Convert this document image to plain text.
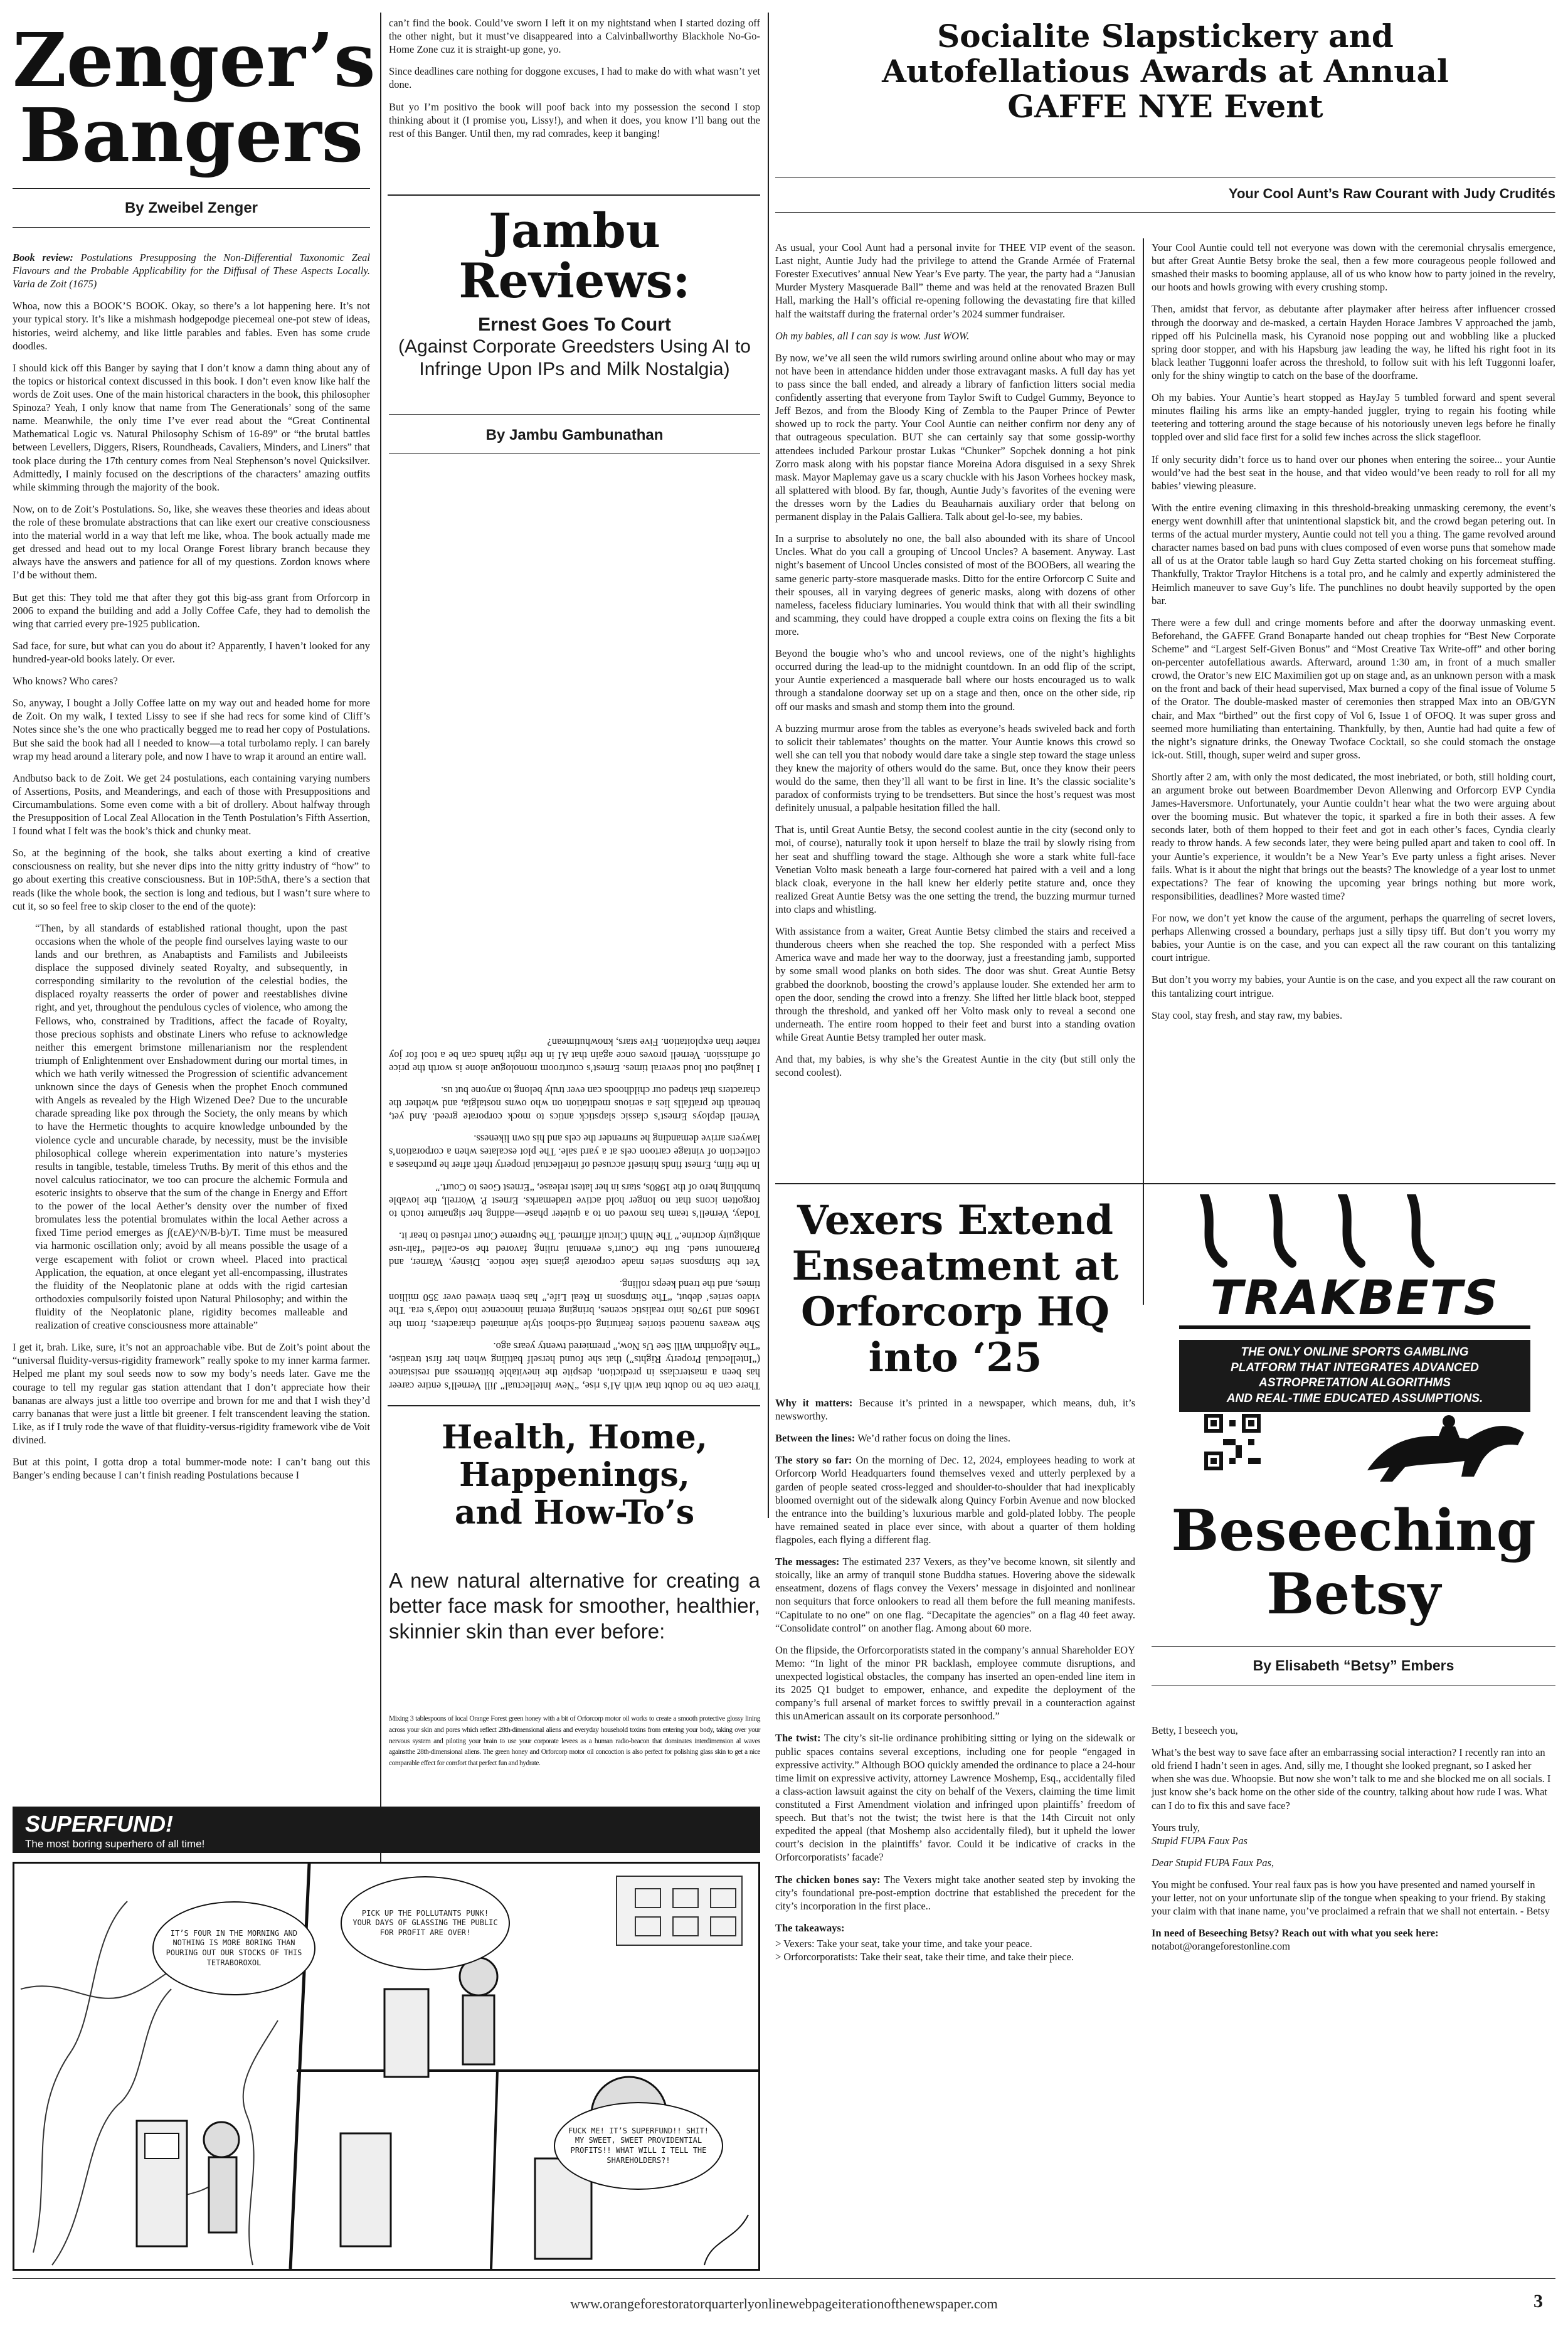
Zenger’s
Bangers
By Zweibel Zenger

Book review: Postulations Presupposing the Non-Differential Taxonomic Zeal Flavours and the Probable Applicability for the Diffusal of These Aspects Locally. Varia de Zoit (1675)

Whoa, now this a BOOK’S BOOK. Okay, so there’s a lot happening here. It’s not your typical story. It’s like a mishmash hodgepodge piecemeal one-pot stew of ideas, histories, weird alchemy, and like little parables and fables. Even has some crude doodles.

I should kick off this Banger by saying that I don’t know a damn thing about any of the topics or historical context discussed in this book. I don’t even know like half the words de Zoit uses. One of the main historical characters in the book, this philosopher Spinoza? Yeah, I only know that name from The Generationals’ song of the same name. Meanwhile, the only time I’ve ever read about the “Great Continental Mathematical Logic vs. Natural Philosophy Schism of 16-89” or “the brutal battles between Levellers, Diggers, Risers, Roundheads, Cavaliers, Minders, and Liners” that took place during the 17th century comes from Neal Stephenson’s novel Quicksilver. Admittedly, I mainly focused on the descriptions of the characters’ amazing outfits while skimming through the majority of the book.

Now, on to de Zoit’s Postulations. So, like, she weaves these theories and ideas about the role of these bromulate abstractions that can like exert our creative consciousness into the material world in a way that left me like, whoa. The book actually made me get dressed and head out to my local Orange Forest library branch because they always have the answers and patience for all of my questions. Zordon knows where I’d be without them.

But get this: They told me that after they got this big-ass grant from Orforcorp in 2006 to expand the building and add a Jolly Coffee Cafe, they had to demolish the wing that carried every pre-1925 publication.

Sad face, for sure, but what can you do about it? Apparently, I haven’t looked for any hundred-year-old books lately. Or ever.

Who knows? Who cares?

So, anyway, I bought a Jolly Coffee latte on my way out and headed home for more de Zoit. On my walk, I texted Lissy to see if she had recs for some kind of Cliff’s Notes since she’s the one who practically begged me to read her copy of Postulations. But she said the book had all I needed to know—a total turbolamo reply. I can barely wrap my head around a literary pole, and now I have to wrap it around an entire wall.

Andbutso back to de Zoit. We get 24 postulations, each containing varying numbers of Assertions, Posits, and Meanderings, and each of those with Presuppositions and Circumambulations. Some even come with a bit of drollery. About halfway through the Presupposition of Local Zeal Allocation in the Tenth Postulation’s Fifth Assertion, I found what I felt was the book’s thick and chunky meat.

So, at the beginning of the book, she talks about exerting a kind of creative consciousness on reality, but she never dips into the nitty gritty industry of “how” to go about exerting this creative consciousness. But in 10P:5thA, there’s a section that reads (like the whole book, the section is long and tedious, but I wasn’t sure where to cut it, so so feel free to skip closer to the end of the quote):

“Then, by all standards of established rational thought, upon the past occasions when the whole of the people find ourselves laying waste to our lands and our brethren, as Anabaptists and Familists and Jubileeists displace the supposed divinely seated Royalty, and subsequently, in corresponding similarity to the revolution of the celestial bodies, the displaced royalty reasserts the order of power and reestablishes divine right, and yet, throughout the pendulous cycles of violence, who among the Fellows, who, constrained by Traditions, affect the facade of Royalty, those precious sophists and obstinate Liners who refuse to acknowledge neither this emergent brimstone millenarianism nor the resplendent triumph of Enlightenment over Enshadowment during our mortal times, in which we hath verily witnessed the Progression of scientific advancement unknown since the days of Genesis when the prophet Enoch communed with Angels as revealed by the High Wizened Dee? Due to the uncurable charade spreading like pox through the Society, the only means by which to have the Hermetic thoughts to acquire knowledge unbounded by the violence cycle and uncurable charade, by necessity, must be the invisible philosophical college wherein experimentation into nature’s mysteries results in tangible, testable, timeless Truths. By merit of this ethos and the novel calculus ratiocinator, we too can procure the alchemic Formula and esoteric insights to observe that the sum of the change in Energy and Effort to the power of the local Aether’s density over the number of fixed bromulates less the potential bromulates within the local Aether across a fixed Time period emerges as ∫(εΑΕ)^N/B-b)/Τ. Time must be measured via harmonic oscillation only; avoid by all means possible the usage of a verge escapement with foliot or crown wheel. Placed into practical Application, the equation, at once elegant yet all-encompassing, illustrates the fluidity of the Neoplatonic plane at odds with the rigid cartesian orthodoxies compulsorily foisted upon Natural Philosophy; and within the fluidity of the Neoplatonic plane, rigidity becomes malleable and realization of creative consciousness more attainable”

I get it, brah. Like, sure, it’s not an approachable vibe. But de Zoit’s point about the “universal fluidity-versus-rigidity framework” really spoke to my inner karma farmer. Helped me plant my soul seeds now to sow my body’s needs later. Gave me the courage to tell my regular gas station attendant that I don’t appreciate how their bananas are always just a little too overripe and brown for me and that I wish they’d carry bananas that were just a little bit greener. I felt transcendent leaving the station. Like, as if I truly rode the wave of that fluidity-versus-rigidity framework vibe de Voit divined.

But at this point, I gotta drop a total bummer-mode note: I can’t bang out this Banger’s ending because I can’t finish reading Postulations because I

can’t find the book. Could’ve sworn I left it on my nightstand when I started dozing off the other night, but it must’ve disappeared into a Calvinballworthy Blackhole No-Go-Home Zone cuz it is straight-up gone, yo.

Since deadlines care nothing for doggone excuses, I had to make do with what wasn’t yet done.

But yo I’m positivo the book will poof back into my possession the second I stop thinking about it (I promise you, Lissy!), and when it does, you know I’ll bang out the rest of this Banger. Until then, my rad comrades, keep it banging!

Jambu
Reviews:
Ernest Goes To Court
(Against Corporate Greedsters Using AI to Infringe Upon IPs and Milk Nostalgia)
By Jambu Gambunathan

There can be no doubt that with AI’s rise, “New Intellectual” Jill Vernell’s entire career has been a masterclass in prediction, despite the inevitable bitterness and resistance (“Intellectual Property Rights”) that she found herself battling when her first treatise, “The Algorithm Will See Us Now,” premiered twenty years ago.

She weaves nuanced stories featuring old-school style animated characters, from the 1960s and 1970s into realistic scenes, bringing eternal innocence into today’s era. The video series’ debut, “The Simpsons in Real Life,” has been viewed over 350 million times, and the trend keeps rolling.

Yet the Simpsons series made corporate giants take notice. Disney, Warner, and Paramount sued. But the Court’s eventual ruling favored the so-called “fair-use ambiguity doctrine.” The Ninth Circuit affirmed. The Supreme Court refused to hear it.

Today, Vernell’s team has moved on to a quieter phase—adding her signature touch to forgotten icons that no longer hold active trademarks. Ernest P. Worrell, the lovable bumbling hero of the 1980s, stars in her latest release, “Ernest Goes to Court.”

In the film, Ernest finds himself accused of intellectual property theft after he purchases a collection of vintage cartoon cels at a yard sale. The plot escalates when a corporation’s lawyers arrive demanding he surrender the cels and his own likeness.

Vernell deploys Ernest’s classic slapstick antics to mock corporate greed. And yet, beneath the pratfalls lies a serious meditation on who owns nostalgia, and whether the characters that shaped our childhoods can ever truly belong to anyone but us.

I laughed out loud several times. Ernest’s courtroom monologue alone is worth the price of admission. Vernell proves once again that AI in the right hands can be a tool for joy rather than exploitation. Five stars, knowhutimean?

Health, Home,
Happenings,
and How-To’s
A new natural alternative for creating a better face mask for smoother, healthier, skinnier skin than ever before:
Mixing 3 tablespoons of local Orange Forest green honey with a bit of Orforcorp motor oil works to create a smooth protective glossy lining across your skin and pores which reflect 28th-dimensional aliens and everyday household toxins from entering your body, taking over your nervous system and piloting your brain to use your corporate levees as a human radio-beacon that dominates interdimension al waves againstthe 28th-dimensional aliens. The green honey and Orforcorp motor oil concoction is also perfect for polishing glass skin to get a nice comparable effect for comfort that perfect fun and hydrate.
SUPERFUND!
The most boring superhero of all time!
IT’S FOUR IN THE MORNING AND NOTHING IS MORE BORING THAN POURING OUT OUR STOCKS OF THIS TETRABOROXOL
PICK UP THE POLLUTANTS PUNK! YOUR DAYS OF GLASSING THE PUBLIC FOR PROFIT ARE OVER!
FUCK ME! IT’S SUPERFUND!! SHIT! MY SWEET, SWEET PROVIDENTIAL PROFITS!! WHAT WILL I TELL THE SHAREHOLDERS?!
Socialite Slapstickery and
Autofellatious Awards at Annual
GAFFE NYE Event
Your Cool Aunt’s Raw Courant with Judy Crudités

As usual, your Cool Aunt had a personal invite for THEE VIP event of the season. Last night, Auntie Judy had the privilege to attend the Grande Armée of Fraternal Forester Executives’ annual New Year’s Eve party. The year, the party had a “Janusian Murder Mystery Masquerade Ball” theme and was held at the renovated Brazen Bull Hall, marking the Hall’s official re-opening following the devastating fire that killed half the waitstaff during the fraternal order’s 2024 summer fundraiser.

Oh my babies, all I can say is wow. Just WOW.

By now, we’ve all seen the wild rumors swirling around online about who may or may not have been in attendance hidden under those extravagant masks. A full day has yet to pass since the ball ended, and already a library of fanfiction litters social media confidently asserting that everyone from Taylor Swift to Cudgel Gummy, Beyonce to Jeff Bezos, and from the Bloody King of Zembla to the Pauper Prince of Pewter showed up to rock the party. Your Cool Auntie can neither confirm nor deny any of that outrageous speculation. BUT she can certainly say that some gossip-worthy attendees included Parkour prostar Lukas “Chunker” Sopchek donning a hot pink Zorro mask along with his popstar fiance Moreina Adora disguised in a sexy Shrek mask. Mayor Maplemay gave us a scary chuckle with his Jason Vorhees hockey mask, all splattered with blood. By far, though, Auntie Judy’s favorites of the evening were the dresses worn by the Ladies du Beauharnais auxiliary order that belong on permanent display in the Palais Galliera. Talk about gel-lo-see, my babies.

In a surprise to absolutely no one, the ball also abounded with its share of Uncool Uncles. What do you call a grouping of Uncool Uncles? A basement. Anyway. Last night’s basement of Uncool Uncles consisted of most of the BOOBers, all wearing the same generic party-store masquerade masks. Ditto for the entire Orforcorp C Suite and their spouses, all in varying degrees of generic masks, along with dozens of other nameless, faceless fiduciary luminaries. You would think that with all their swindling and scamming, they could have dropped a couple extra coins on flexing the fits a bit more.

Beyond the bougie who’s who and uncool reviews, one of the night’s highlights occurred during the lead-up to the midnight countdown. In an odd flip of the script, your Auntie experienced a masquerade ball where our hosts encouraged us to walk through a standalone doorway set up on a stage and then, once on the other side, rip off our masks and smash and stomp them into the ground.

A buzzing murmur arose from the tables as everyone’s heads swiveled back and forth to solicit their tablemates’ thoughts on the matter. Your Auntie knows this crowd so well she can tell you that nobody would dare take a single step toward the stage unless they knew the majority of others would do the same. But, once they know their peers would do the same, then they’ll all want to be first in line. It’s the classic socialite’s paradox of conformists trying to be trendsetters. But since the host’s request was most definitely unusual, a palpable hesitation filled the hall.

That is, until Great Auntie Betsy, the second coolest auntie in the city (second only to moi, of course), naturally took it upon herself to blaze the trail by slowly rising from her seat and shuffling toward the stage. Although she wore a stark white full-face Venetian Volto mask beneath a large four-cornered hat paired with a veil and a long black cloak, everyone in the hall knew her elderly petite stature and, once they realized Great Auntie Betsy was the one setting the trend, the buzzing murmur turned into claps and whistling.

With assistance from a waiter, Great Auntie Betsy climbed the stairs and received a thunderous cheers when she reached the top. She responded with a perfect Miss America wave and made her way to the doorway, just a freestanding jamb, supported by some small wood planks on both sides. The door was shut. Great Auntie Betsy grabbed the doorknob, boosting the crowd’s applause louder. She extended her arm to open the door, sending the crowd into a frenzy. She lifted her little black boot, stepped through the threshold, and yanked off her Volto mask only to reveal a second one underneath. The entire room hopped to their feet and burst into a standing ovation while Great Auntie Betsy trampled her outer mask.

And that, my babies, is why she’s the Greatest Auntie in the city (but still only the second coolest).

Your Cool Auntie could tell not everyone was down with the ceremonial chrysalis emergence, but after Great Auntie Betsy broke the seal, then a few more courageous people followed and smashed their masks to booming applause, all of us who know how to party joined in the revelry, our hoots and howls growing with every crushing stomp.

Then, amidst that fervor, as debutante after playmaker after heiress after influencer crossed through the doorway and de-masked, a certain Hayden Horace Jambres V approached the jamb, ripped off his Pulcinella mask, his Cyranoid nose popping out and wobbling like a plucked spring door stopper, and with his Hapsburg jaw leading the way, he lifted his right foot in its black leather Tuggonni loafer across the threshold, to follow suit with his left Tuggonni loafer, only for the shiny wingtip to catch on the base of the doorframe.

Oh my babies. Your Auntie’s heart stopped as HayJay 5 tumbled forward and spent several minutes flailing his arms like an empty-handed juggler, trying to regain his footing while teetering and tottering around the stage because of his notoriously uneven legs before he finally toppled over and slid face first for a solid few inches across the slick stagefloor.

If only security didn’t force us to hand over our phones when entering the soiree... your Auntie would’ve had the best seat in the house, and that video would’ve been ready to roll for all my babies’ viewing pleasure.

With the entire evening climaxing in this threshold-breaking unmasking ceremony, the event’s energy went downhill after that unintentional slapstick bit, and the crowd began petering out. In terms of the actual murder mystery, Auntie could not tell you a thing. The game revolved around character names based on bad puns with clues composed of even worse puns that somehow made all of us at the Orator table laugh so hard Guy Zetta started choking on his forcemeat stuffing. Thankfully, Traktor Traylor Hitchens is a total pro, and he calmly and expertly administered the Heimlich maneuver to save Guy’s life. The punchlines no doubt heavily supported by the open bar.

There were a few dull and cringe moments before and after the doorway unmasking event. Beforehand, the GAFFE Grand Bonaparte handed out cheap trophies for “Best New Corporate Scheme” and “Largest Self-Given Bonus” and “Most Creative Tax Write-off” and other boring on-percenter autofellatious awards. Afterward, around 1:30 am, in front of a much smaller crowd, the Orator’s new EIC Maximilien got up on stage and, as an unknown person with a mask on the front and back of their head supervised, Max burned a copy of the final issue of Volume 5 of the Orator. The double-masked master of ceremonies then strapped Max into an OB/GYN chair, and Max “birthed” out the first copy of Vol 6, Issue 1 of OFOQ. It was super gross and seemed more humiliating than entertaining. Thankfully, by then, Auntie had had quite a few of the night’s signature drinks, the Oneway Twoface Cocktail, so she could stomach the onstage ick-out. Still, though, super weird and super gross.

Shortly after 2 am, with only the most dedicated, the most inebriated, or both, still holding court, an argument broke out between Boardmember Devon Allenwing and Orforcorp EVP Cyndia James-Haversmore. Unfortunately, your Auntie couldn’t hear what the two were arguing about over the booming music. But whatever the topic, it sparked a fire in both their asses. A few seconds later, both of them hopped to their feet and got in each other’s faces, Cyndia clearly ready to throw hands. A few seconds later, they were being pulled apart and taken to cool off. In your Auntie’s experience, it wouldn’t be a New Year’s Eve party unless a fight arises. Never fails. What is it about the night that brings out the beasts? The knowledge of a year lost to unmet expectations? The fear of knowing the upcoming year brings nothing but more work, responsibilities, deadlines? More wasted time?

For now, we don’t yet know the cause of the argument, perhaps the quarreling of secret lovers, perhaps Allenwing crossed a boundary, perhaps just a silly tipsy tiff. But don’t you worry my babies, your Auntie is on the case, and you can expect all the raw courant on this tantalizing court intrigue.

But don’t you worry my babies, your Auntie is on the case, and you expect all the raw courant on this tantalizing court intrigue.

Stay cool, stay fresh, and stay raw, my babies.

Vexers Extend
Enseatment at
Orforcorp HQ
into ‘25

Why it matters: Because it’s printed in a newspaper, which means, duh, it’s newsworthy.

Between the lines: We’d rather focus on doing the lines.

The story so far: On the morning of Dec. 12, 2024, employees heading to work at Orforcorp World Headquarters found themselves vexed and utterly perplexed by a garden of people seated cross-legged and shoulder-to-shoulder that had inexplicably bloomed overnight out of the sidewalk along Quincy Forbin Avenue and now blocked the entrance into the building’s luxurious marble and gold-plated lobby. The people have remained seated in place ever since, with about a quarter of them holding flagpoles, each flying a different flag.

The messages: The estimated 237 Vexers, as they’ve become known, sit silently and stoically, like an army of tranquil stone Buddha statues. Hovering above the sidewalk enseatment, dozens of flags convey the Vexers’ message in disjointed and nonlinear non sequiturs that force onlookers to read all them before the full meaning manifests. “Capitulate to no one” on one flag. “Decapitate the agencies” on a flag 40 feet away. “Consolidate control” on another flag. Among about 60 more.

On the flipside, the Orforcorporatists stated in the company’s annual Shareholder EOY Memo: “In light of the minor PR backlash, employee commute disruptions, and unexpected logistical obstacles, the company has inserted an open-ended line item in its 2025 Q1 budget to empower, enhance, and expedite the deployment of the company’s full arsenal of market forces to swiftly prevail in a counteraction against this unAmerican assault on its corporate personhood.”

The twist: The city’s sit-lie ordinance prohibiting sitting or lying on the sidewalk or public spaces contains several exceptions, including one for people “engaged in expressive activity.” Although BOO quickly amended the ordinance to place a 24-hour time limit on expressive activity, attorney Lawrence Moshemp, Esq., accidentally filed a class-action lawsuit against the city on behalf of the Vexers, claiming the time limit constituted a First Amendment violation and infringed upon plaintiffs’ freedom of speech. But that’s not the twist; the twist here is that the 14th Circuit not only expedited the appeal (that Moshemp also accidentally filed), but it upheld the lower court’s decision in the plaintiffs’ favor. Could it be indicative of cracks in the Orforcorporatists’ facade?

The chicken bones say: The Vexers might take another seated step by invoking the city’s foundational pre-post-emption doctrine that established the precedent for the city’s incorporation in the first place..

The takeaways:

> Vexers: Take your seat, take your time, and take your peace.
> Orforcorporatists: Take their seat, take their time, and take their piece.
TRAKBETS
THE ONLY ONLINE SPORTS GAMBLING
PLATFORM THAT INTEGRATES ADVANCED
ASTROPRETATION ALGORITHMS
AND REAL-TIME EDUCATED ASSUMPTIONS.
Beseeching
Betsy
By Elisabeth “Betsy” Embers

Betty, I beseech you,

What’s the best way to save face after an embarrassing social interaction? I recently ran into an old friend I hadn’t seen in ages. And, silly me, I thought she looked pregnant, so I asked her when she was due. Whoopsie. But now she won’t talk to me and she blocked me on all socials. I just know she’s back home on the other side of the country, talking about how rude I was. What can I do to fix this and save face?

Yours truly,

Stupid FUPA Faux Pas

Dear Stupid FUPA Faux Pas,

You might be confused. Your real faux pas is how you have presented and named yourself in your letter, not on your unfortunate slip of the tongue when speaking to your friend. By staking your claim with that inane name, you’ve proclaimed a refrain that we shall not entertain. - Betsy

In need of Beseeching Betsy? Reach out with what you seek here:

notabot@orangeforestonline.com
www.orangeforestoratorquarterlyonlinewebpageiterationofthenewspaper.com	3
